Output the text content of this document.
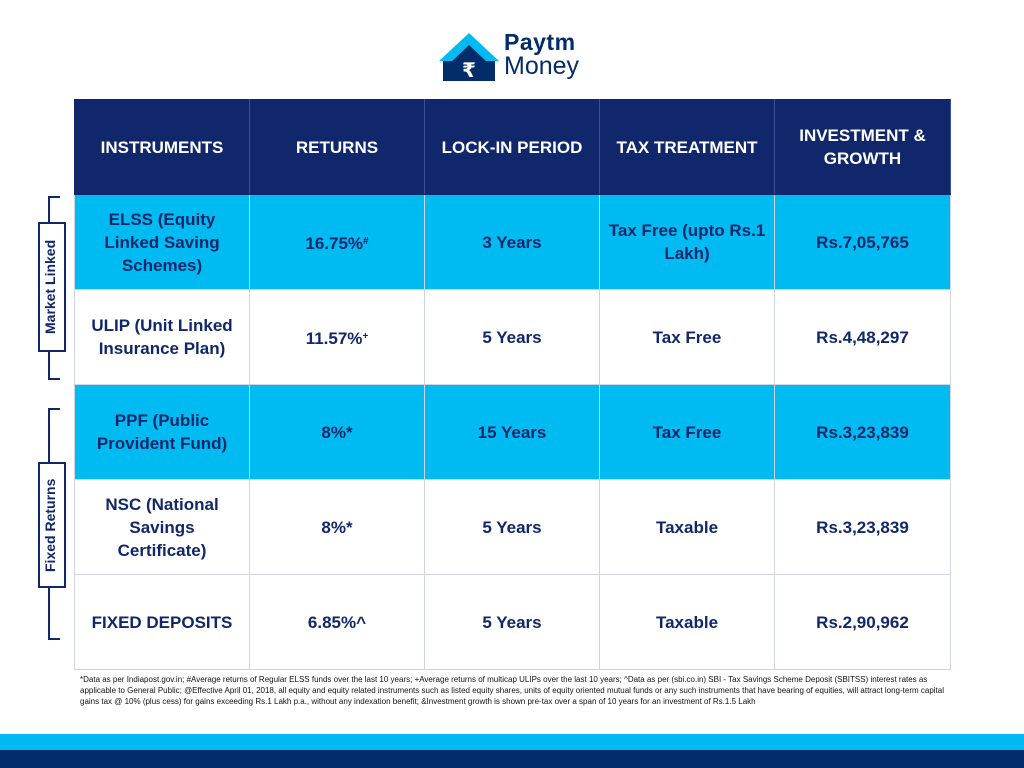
₹
Paytm
Money
INSTRUMENTS	RETURNS	LOCK-IN PERIOD	TAX TREATMENT	INVESTMENT & GROWTH
ELSS (Equity Linked Saving Schemes)	16.75%#	3 Years	Tax Free (upto Rs.1 Lakh)	Rs.7,05,765
ULIP (Unit Linked Insurance Plan)	11.57%+	5 Years	Tax Free	Rs.4,48,297
PPF (Public Provident Fund)	8%*	15 Years	Tax Free	Rs.3,23,839
NSC (National Savings Certificate)	8%*	5 Years	Taxable	Rs.3,23,839
FIXED DEPOSITS	6.85%^	5 Years	Taxable	Rs.2,90,962
Market Linked
Fixed Returns
*Data as per Indiapost.gov.in; #Average returns of Regular ELSS funds over the last 10 years; +Average returns of multicap ULIPs over the last 10 years; ^Data as per (sbi.co.in) SBI - Tax Savings Scheme Deposit (SBITSS) interest rates as applicable to General Public; @Effective April 01, 2018, all equity and equity related instruments such as listed equity shares, units of equity oriented mutual funds or any such instruments that have bearing of equities, will attract long-term capital gains tax @ 10% (plus cess) for gains exceeding Rs.1 Lakh p.a., without any indexation benefit; &Investment growth is shown pre-tax over a span of 10 years for an investment of Rs.1.5 Lakh
